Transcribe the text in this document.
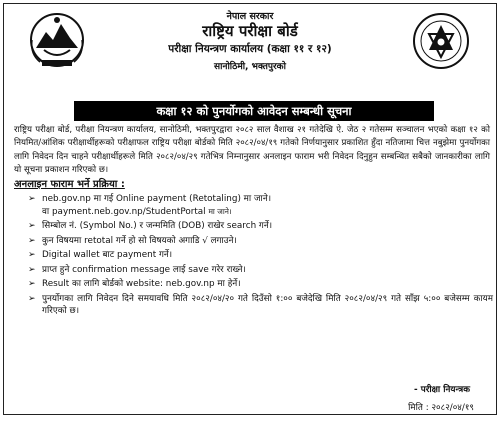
नेपाल सरकार
राष्ट्रिय परीक्षा बोर्ड
परीक्षा नियन्त्रण कार्यालय (कक्षा ११ र १२)
सानोठिमी, भक्तपुरको
कक्षा १२ को पुनर्योगको आवेदन सम्बन्धी सूचना
राष्ट्रिय परीक्षा बोर्ड, परीक्षा नियन्त्रण कार्यालय, सानोठिमी, भक्तपुरद्वारा २०८२ साल वैशाख २१ गतेदेखि ऐ. जेठ २ गतेसम्म सञ्चालन भएको कक्षा १२ को नियमित/आंशिक परीक्षार्थीहरूको परीक्षाफल राष्ट्रिय परीक्षा बोर्डको मिति २०८२/०४/१९ गतेको निर्णयानुसार प्रकाशित हुँदा नतिजामा चित्त नबुझेमा पुनर्योगका लागि निवेदन दिन चाहने परीक्षार्थीहरूले मिति २०८२/०४/२९ गतेभित्र निम्नानुसार अनलाइन फाराम भरी निवेदन दिनुहुन सम्बन्धित सबैको जानकारीका लागि यो सूचना प्रकाशन गरिएको छ।
अनलाइन फाराम भर्ने प्रक्रिया :
➢ neb.gov.np मा गई Online payment (Retotaling) मा जाने।
वा payment.neb.gov.np/StudentPortal मा जाने।
➢ सिम्बोल नं. (Symbol No.) र जन्ममिति (DOB) राखेर search गर्ने।
➢ कुन विषयमा retotal गर्ने हो सो विषयको अगाडि √ लगाउने।
➢ Digital wallet बाट payment गर्ने।
➢ प्राप्त हुने confirmation message लाई save गरेर राख्ने।
➢ Result का लागि बोर्डको website: neb.gov.np मा हेर्ने।
➢ पुनर्योगका लागि निवेदन दिने समयावधि मिति २०८२/०४/२० गते दिउँसो १:०० बजेदेखि मिति २०८२/०४/२९ गते साँझ ५:०० बजेसम्म कायम गरिएको छ।
- परीक्षा नियन्त्रक
मिति : २०८२/०४/१९
